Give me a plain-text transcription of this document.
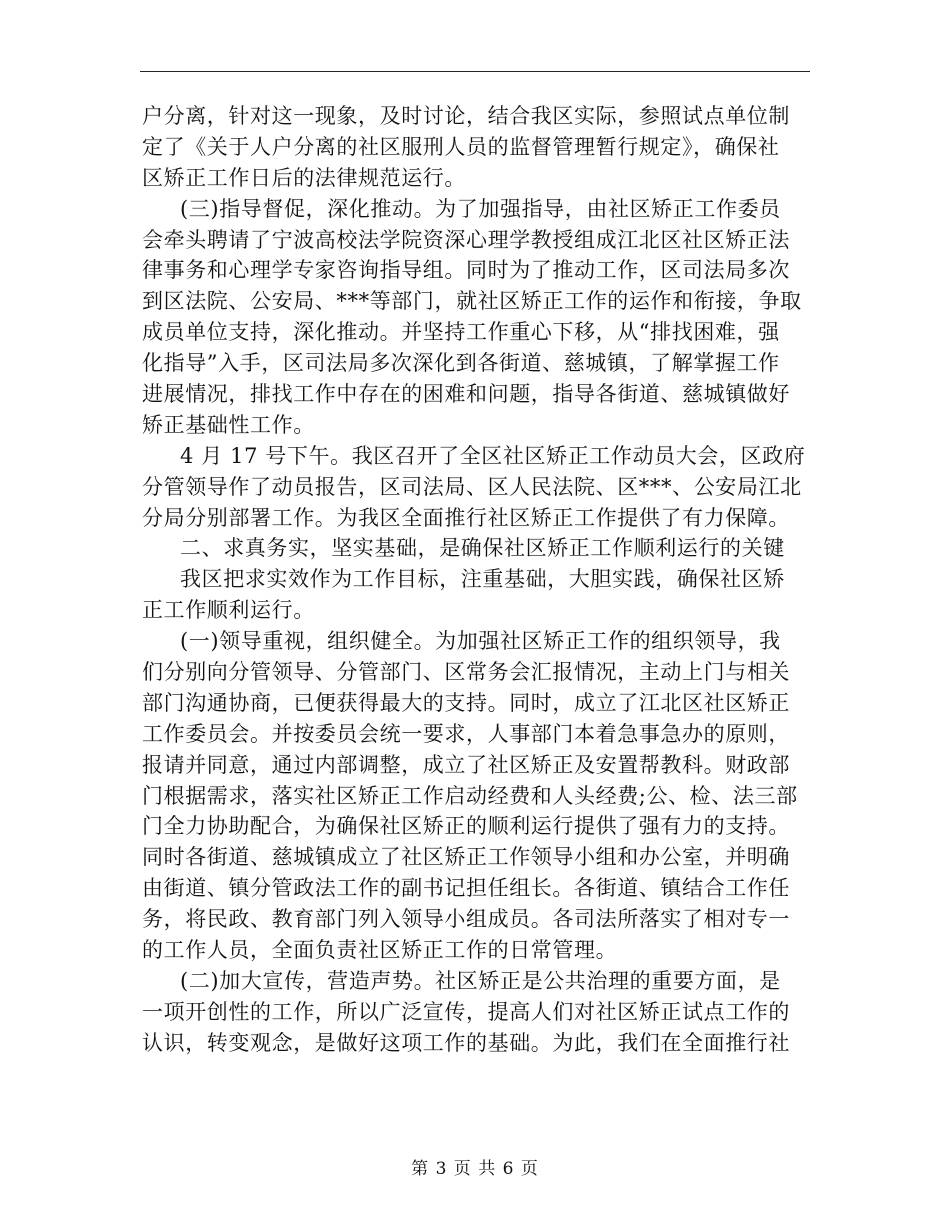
户分离，针对这一现象，及时讨论，结合我区实际，参照试点单位制
定了《关于人户分离的社区服刑人员的监督管理暂行规定》，确保社
区矫正工作日后的法律规范运行。
(三)指导督促，深化推动。为了加强指导，由社区矫正工作委员
会牵头聘请了宁波高校法学院资深心理学教授组成江北区社区矫正法
律事务和心理学专家咨询指导组。同时为了推动工作，区司法局多次
到区法院、公安局、***等部门，就社区矫正工作的运作和衔接，争取
成员单位支持，深化推动。并坚持工作重心下移，从“排找困难，强
化指导”入手，区司法局多次深化到各街道、慈城镇，了解掌握工作
进展情况，排找工作中存在的困难和问题，指导各街道、慈城镇做好
矫正基础性工作。
4 月 17 号下午。我区召开了全区社区矫正工作动员大会，区政府
分管领导作了动员报告，区司法局、区人民法院、区***、公安局江北
分局分别部署工作。为我区全面推行社区矫正工作提供了有力保障。
二、求真务实，坚实基础，是确保社区矫正工作顺利运行的关键
我区把求实效作为工作目标，注重基础，大胆实践，确保社区矫
正工作顺利运行。
(一)领导重视，组织健全。为加强社区矫正工作的组织领导，我
们分别向分管领导、分管部门、区常务会汇报情况，主动上门与相关
部门沟通协商，已便获得最大的支持。同时，成立了江北区社区矫正
工作委员会。并按委员会统一要求，人事部门本着急事急办的原则，
报请并同意，通过内部调整，成立了社区矫正及安置帮教科。财政部
门根据需求，落实社区矫正工作启动经费和人头经费;公、检、法三部
门全力协助配合，为确保社区矫正的顺利运行提供了强有力的支持。
同时各街道、慈城镇成立了社区矫正工作领导小组和办公室，并明确
由街道、镇分管政法工作的副书记担任组长。各街道、镇结合工作任
务，将民政、教育部门列入领导小组成员。各司法所落实了相对专一
的工作人员，全面负责社区矫正工作的日常管理。
(二)加大宣传，营造声势。社区矫正是公共治理的重要方面，是
一项开创性的工作，所以广泛宣传，提高人们对社区矫正试点工作的
认识，转变观念，是做好这项工作的基础。为此，我们在全面推行社
第 3 页 共 6 页
